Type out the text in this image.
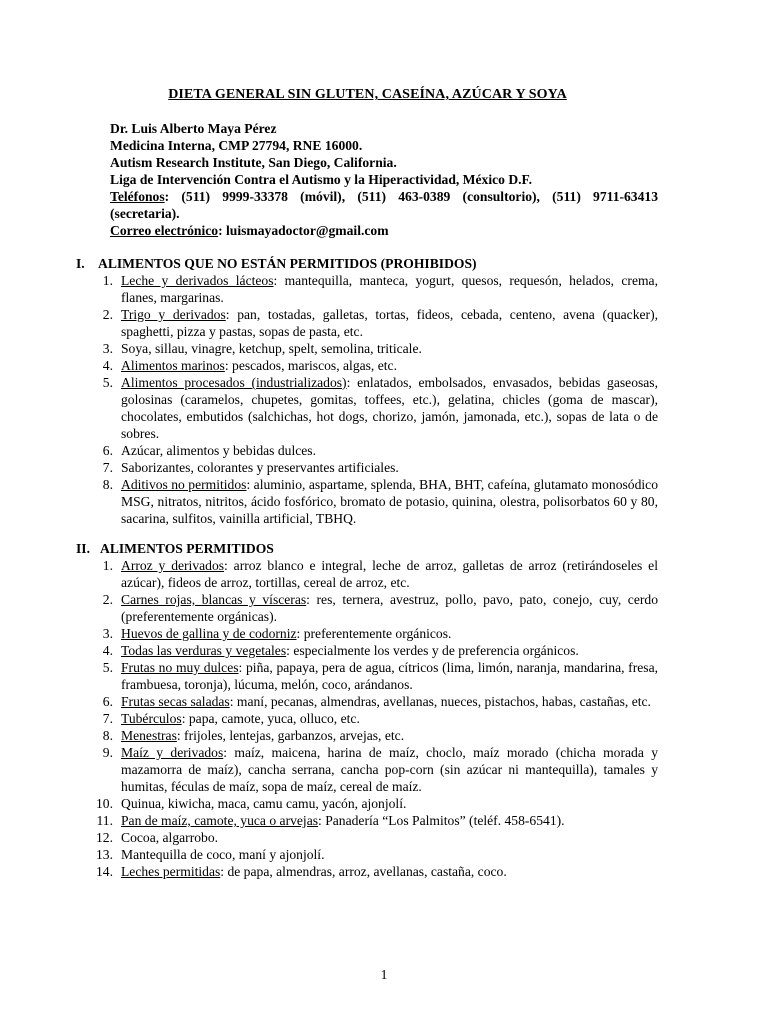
DIETA GENERAL SIN GLUTEN, CASEÍNA, AZÚCAR Y SOYA
Dr. Luis Alberto Maya Pérez
Medicina Interna, CMP 27794, RNE 16000.
Autism Research Institute, San Diego, California.
Liga de Intervención Contra el Autismo y la Hiperactividad, México D.F.
Teléfonos: (511) 9999-33378 (móvil), (511) 463-0389 (consultorio), (511) 9711-63413 (secretaria).
Correo electrónico: luismayadoctor@gmail.com
I. ALIMENTOS QUE NO ESTÁN PERMITIDOS (PROHIBIDOS)
1. Leche y derivados lácteos: mantequilla, manteca, yogurt, quesos, requesón, helados, crema, flanes, margarinas.
2. Trigo y derivados: pan, tostadas, galletas, tortas, fideos, cebada, centeno, avena (quacker), spaghetti, pizza y pastas, sopas de pasta, etc.
3. Soya, sillau, vinagre, ketchup, spelt, semolina, triticale.
4. Alimentos marinos: pescados, mariscos, algas, etc.
5. Alimentos procesados (industrializados): enlatados, embolsados, envasados, bebidas gaseosas, golosinas (caramelos, chupetes, gomitas, toffees, etc.), gelatina, chicles (goma de mascar), chocolates, embutidos (salchichas, hot dogs, chorizo, jamón, jamonada, etc.), sopas de lata o de sobres.
6. Azúcar, alimentos y bebidas dulces.
7. Saborizantes, colorantes y preservantes artificiales.
8. Aditivos no permitidos: aluminio, aspartame, splenda, BHA, BHT, cafeína, glutamato monosódico MSG, nitratos, nitritos, ácido fosfórico, bromato de potasio, quinina, olestra, polisorbatos 60 y 80, sacarina, sulfitos, vainilla artificial, TBHQ.
II. ALIMENTOS PERMITIDOS
1. Arroz y derivados: arroz blanco e integral, leche de arroz, galletas de arroz (retirándoseles el azúcar), fideos de arroz, tortillas, cereal de arroz, etc.
2. Carnes rojas, blancas y vísceras: res, ternera, avestruz, pollo, pavo, pato, conejo, cuy, cerdo (preferentemente orgánicas).
3. Huevos de gallina y de codorniz: preferentemente orgánicos.
4. Todas las verduras y vegetales: especialmente los verdes y de preferencia orgánicos.
5. Frutas no muy dulces: piña, papaya, pera de agua, cítricos (lima, limón, naranja, mandarina, fresa, frambuesa, toronja), lúcuma, melón, coco, arándanos.
6. Frutas secas saladas: maní, pecanas, almendras, avellanas, nueces, pistachos, habas, castañas, etc.
7. Tubérculos: papa, camote, yuca, olluco, etc.
8. Menestras: frijoles, lentejas, garbanzos, arvejas, etc.
9. Maíz y derivados: maíz, maicena, harina de maíz, choclo, maíz morado (chicha morada y mazamorra de maíz), cancha serrana, cancha pop-corn (sin azúcar ni mantequilla), tamales y humitas, féculas de maíz, sopa de maíz, cereal de maíz.
10. Quinua, kiwicha, maca, camu camu, yacón, ajonjolí.
11. Pan de maíz, camote, yuca o arvejas: Panadería “Los Palmitos” (teléf. 458-6541).
12. Cocoa, algarrobo.
13. Mantequilla de coco, maní y ajonjolí.
14. Leches permitidas: de papa, almendras, arroz, avellanas, castaña, coco.
1
